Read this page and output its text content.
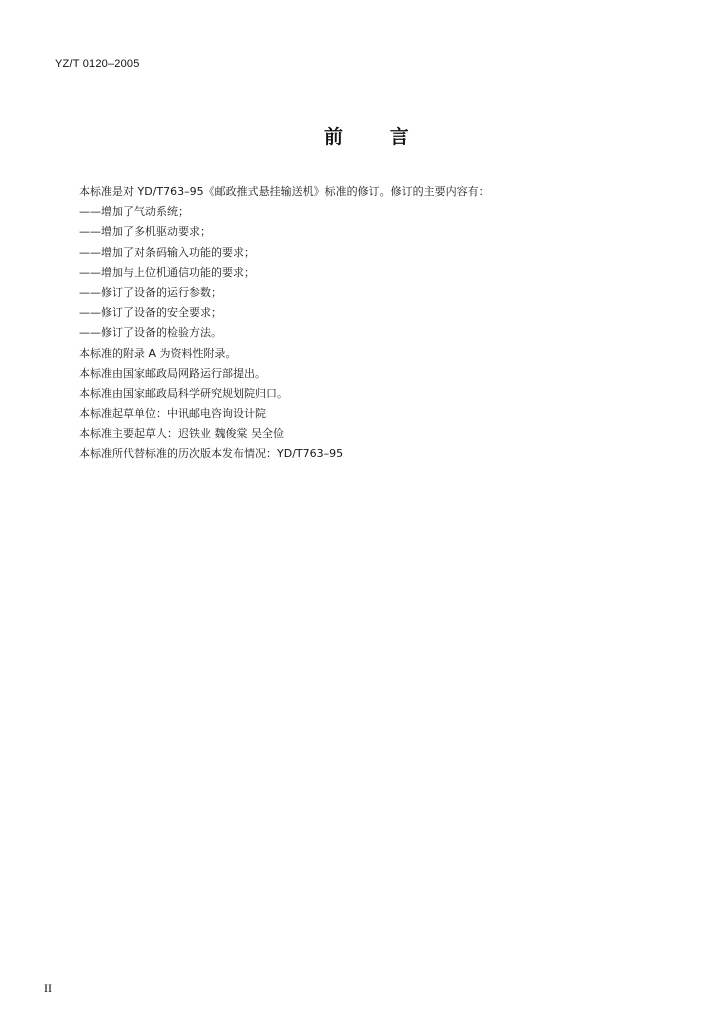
YZ/T 0120–2005
前      言
本标准是对 YD/T763–95《邮政推式悬挂输送机》标准的修订。修订的主要内容有：
——增加了气动系统；
——增加了多机驱动要求；
——增加了对条码输入功能的要求；
——增加与上位机通信功能的要求；
——修订了设备的运行参数；
——修订了设备的安全要求；
——修订了设备的检验方法。
本标准的附录 A 为资料性附录。
本标准由国家邮政局网路运行部提出。
本标准由国家邮政局科学研究规划院归口。
本标准起草单位：中讯邮电咨询设计院
本标准主要起草人：迟铁业 魏俊棠 吴全俭
本标准所代替标准的历次版本发布情况：YD/T763–95
II
